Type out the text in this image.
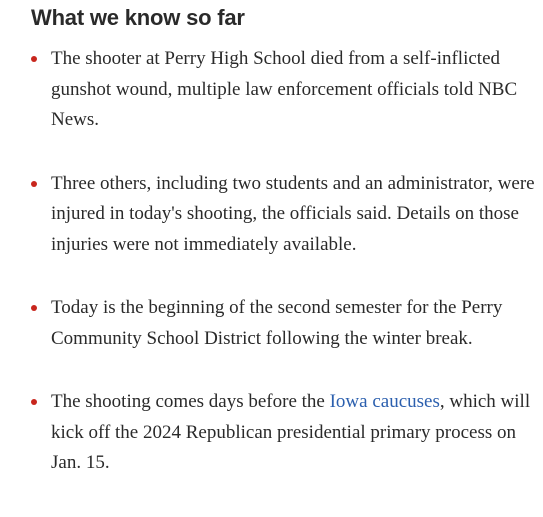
What we know so far
The shooter at Perry High School died from a self-inflicted gunshot wound, multiple law enforcement officials told NBC News.
Three others, including two students and an administrator, were injured in today's shooting, the officials said. Details on those injuries were not immediately available.
Today is the beginning of the second semester for the Perry Community School District following the winter break.
The shooting comes days before the Iowa caucuses, which will kick off the 2024 Republican presidential primary process on Jan. 15.
